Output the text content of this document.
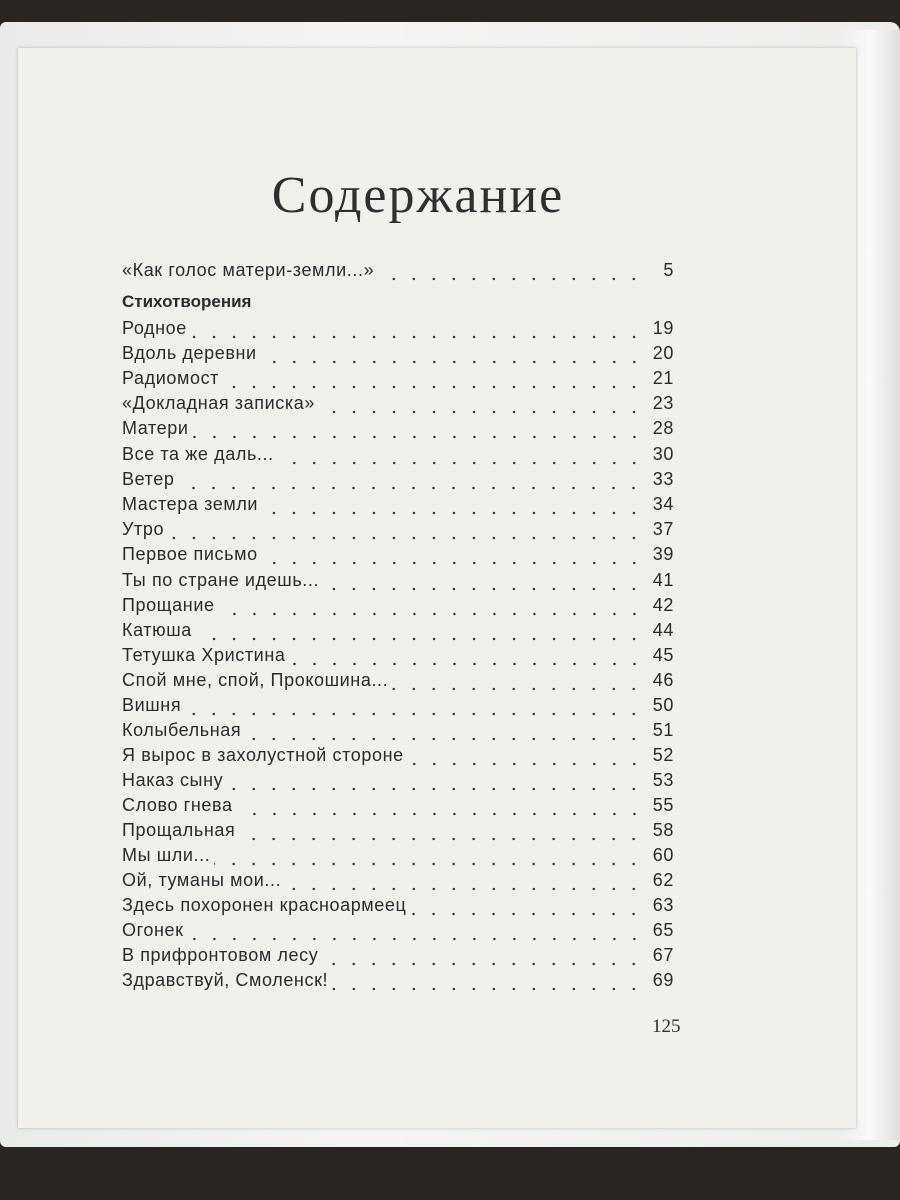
Содержание
«Как голос матери-земли...»	5
Стихотворения
Родное	19
Вдоль деревни	20
Радиомост	21
«Докладная записка»	23
Матери	28
Все та же даль...	30
Ветер	33
Мастера земли	34
Утро	37
Первое письмо	39
Ты по стране идешь...	41
Прощание	42
Катюша	44
Тетушка Христина	45
Спой мне, спой, Прокошина...	46
Вишня	50
Колыбельная	51
Я вырос в захолустной стороне	52
Наказ сыну	53
Слово гнева	55
Прощальная	58
Мы шли...	60
Ой, туманы мои...	62
Здесь похоронен красноармеец	63
Огонек	65
В прифронтовом лесу	67
Здравствуй, Смоленск!	69
125
